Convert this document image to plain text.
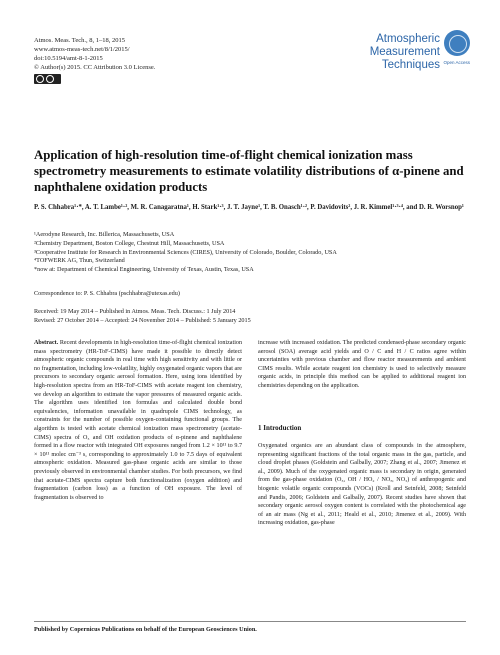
Atmos. Meas. Tech., 8, 1–18, 2015
www.atmos-meas-tech.net/8/1/2015/
doi:10.5194/amt-8-1-2015
© Author(s) 2015. CC Attribution 3.0 License.
Atmospheric
Measurement
Techniques Open Access
Application of high-resolution time-of-flight chemical ionization mass spectrometry measurements to estimate volatility distributions of α-pinene and naphthalene oxidation products
P. S. Chhabra¹·*, A. T. Lambe¹·², M. R. Canagaratna¹, H. Stark¹·³, J. T. Jayne¹, T. B. Onasch¹·², P. Davidovits², J. R. Kimmel¹·³·⁴, and D. R. Worsnop¹
¹Aerodyne Research, Inc. Billerica, Massachusetts, USA
²Chemistry Department, Boston College, Chestnut Hill, Massachusetts, USA
³Cooperative Institute for Research in Environmental Sciences (CIRES), University of Colorado, Boulder, Colorado, USA
⁴TOFWERK AG, Thun, Switzerland
*now at: Department of Chemical Engineering, University of Texas, Austin, Texas, USA
Correspondence to: P. S. Chhabra (pschhabra@utexas.edu)
Received: 19 May 2014 – Published in Atmos. Meas. Tech. Discuss.: 1 July 2014
Revised: 27 October 2014 – Accepted: 24 November 2014 – Published: 5 January 2015

Abstract. Recent developments in high-resolution time-of-flight chemical ionization mass spectrometry (HR-ToF-CIMS) have made it possible to directly detect atmospheric organic compounds in real time with high sensitivity and with little or no fragmentation, including low-volatility, highly oxygenated organic vapors that are precursors to secondary organic aerosol formation. Here, using ions identified by high-resolution spectra from an HR-ToF-CIMS with acetate reagent ion chemistry, we develop an algorithm to estimate the vapor pressures of measured organic acids. The algorithm uses identified ion formulas and calculated double bond equivalencies, information unavailable in quadrupole CIMS technology, as constraints for the number of possible oxygen-containing functional groups. The algorithm is tested with acetate chemical ionization mass spectrometry (acetate-CIMS) spectra of O₃ and OH oxidation products of α-pinene and naphthalene formed in a flow reactor with integrated OH exposures ranged from 1.2 × 10¹¹ to 9.7 × 10¹¹ molec cm⁻³ s, corresponding to approximately 1.0 to 7.5 days of equivalent atmospheric oxidation. Measured gas-phase organic acids are similar to those previously observed in environmental chamber studies. For both precursors, we find that acetate-CIMS spectra capture both functionalization (oxygen addition) and fragmentation (carbon loss) as a function of OH exposure. The level of fragmentation is observed to

increase with increased oxidation. The predicted condensed-phase secondary organic aerosol (SOA) average acid yields and O / C and H / C ratios agree within uncertainties with previous chamber and flow reactor measurements and ambient CIMS results. While acetate reagent ion chemistry is used to selectively measure organic acids, in principle this method can be applied to additional reagent ion chemistries depending on the application.
1 Introduction
Oxygenated organics are an abundant class of compounds in the atmosphere, representing significant fractions of the total organic mass in the gas, particle, and cloud droplet phases (Goldstein and Galbally, 2007; Zhang et al., 2007; Jimenez et al., 2009). Much of the oxygenated organic mass is secondary in origin, generated from the gas-phase oxidation (O₃, OH / HO₂ / NOₓ, NO₃) of anthropogenic and biogenic volatile organic compounds (VOCs) (Kroll and Seinfeld, 2008; Seinfeld and Pandis, 2006; Goldstein and Galbally, 2007). Recent studies have shown that secondary organic aerosol oxygen content is correlated with the photochemical age of an air mass (Ng et al., 2011; Heald et al., 2010; Jimenez et al., 2009). With increasing oxidation, gas-phase
Published by Copernicus Publications on behalf of the European Geosciences Union.
